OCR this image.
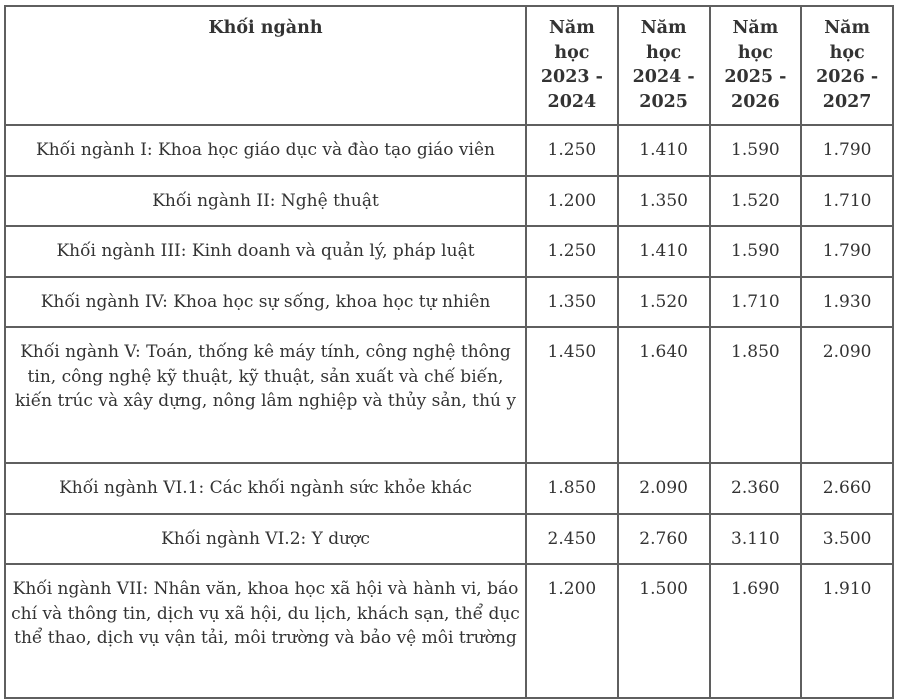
Khối ngành	Năm học 2023 - 2024	Năm học 2024 - 2025	Năm học 2025 - 2026	Năm học 2026 - 2027
Khối ngành I: Khoa học giáo dục và đào tạo giáo viên	1.250	1.410	1.590	1.790
Khối ngành II: Nghệ thuật	1.200	1.350	1.520	1.710
Khối ngành III: Kinh doanh và quản lý, pháp luật	1.250	1.410	1.590	1.790
Khối ngành IV: Khoa học sự sống, khoa học tự nhiên	1.350	1.520	1.710	1.930
Khối ngành V: Toán, thống kê máy tính, công nghệ thông tin, công nghệ kỹ thuật, kỹ thuật, sản xuất và chế biến, kiến trúc và xây dựng, nông lâm nghiệp và thủy sản, thú y	1.450	1.640	1.850	2.090
Khối ngành VI.1: Các khối ngành sức khỏe khác	1.850	2.090	2.360	2.660
Khối ngành VI.2: Y dược	2.450	2.760	3.110	3.500
Khối ngành VII: Nhân văn, khoa học xã hội và hành vi, báo chí và thông tin, dịch vụ xã hội, du lịch, khách sạn, thể dục thể thao, dịch vụ vận tải, môi trường và bảo vệ môi trường	1.200	1.500	1.690	1.910
